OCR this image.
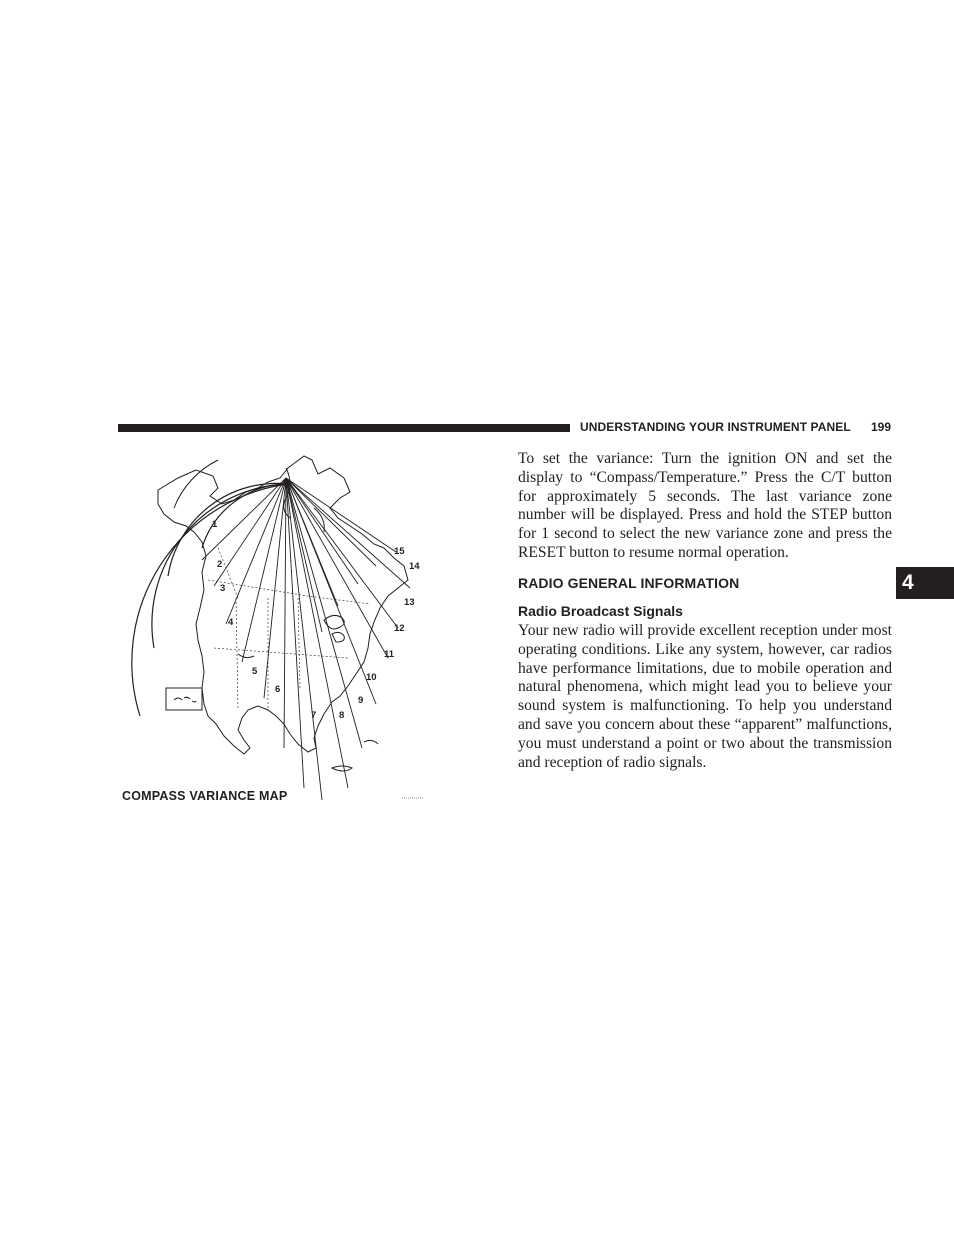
UNDERSTANDING YOUR INSTRUMENT PANEL 199
1
2
3
4
5
6
7 8
9
10
11
12
13
14
15
COMPASS VARIANCE MAP

To set the variance: Turn the ignition ON and set the display to “Compass/Temperature.” Press the C/T button for approximately 5 seconds. The last variance zone number will be displayed. Press and hold the STEP button for 1 second to select the new variance zone and press the RESET button to resume normal operation.

RADIO GENERAL INFORMATION
Radio Broadcast Signals

Your new radio will provide excellent reception under most operating conditions. Like any system, however, car radios have performance limitations, due to mobile operation and natural phenomena, which might lead you to believe your sound system is malfunctioning. To help you understand and save you concern about these “apparent” malfunctions, you must understand a point or two about the transmission and reception of radio signals.

4
